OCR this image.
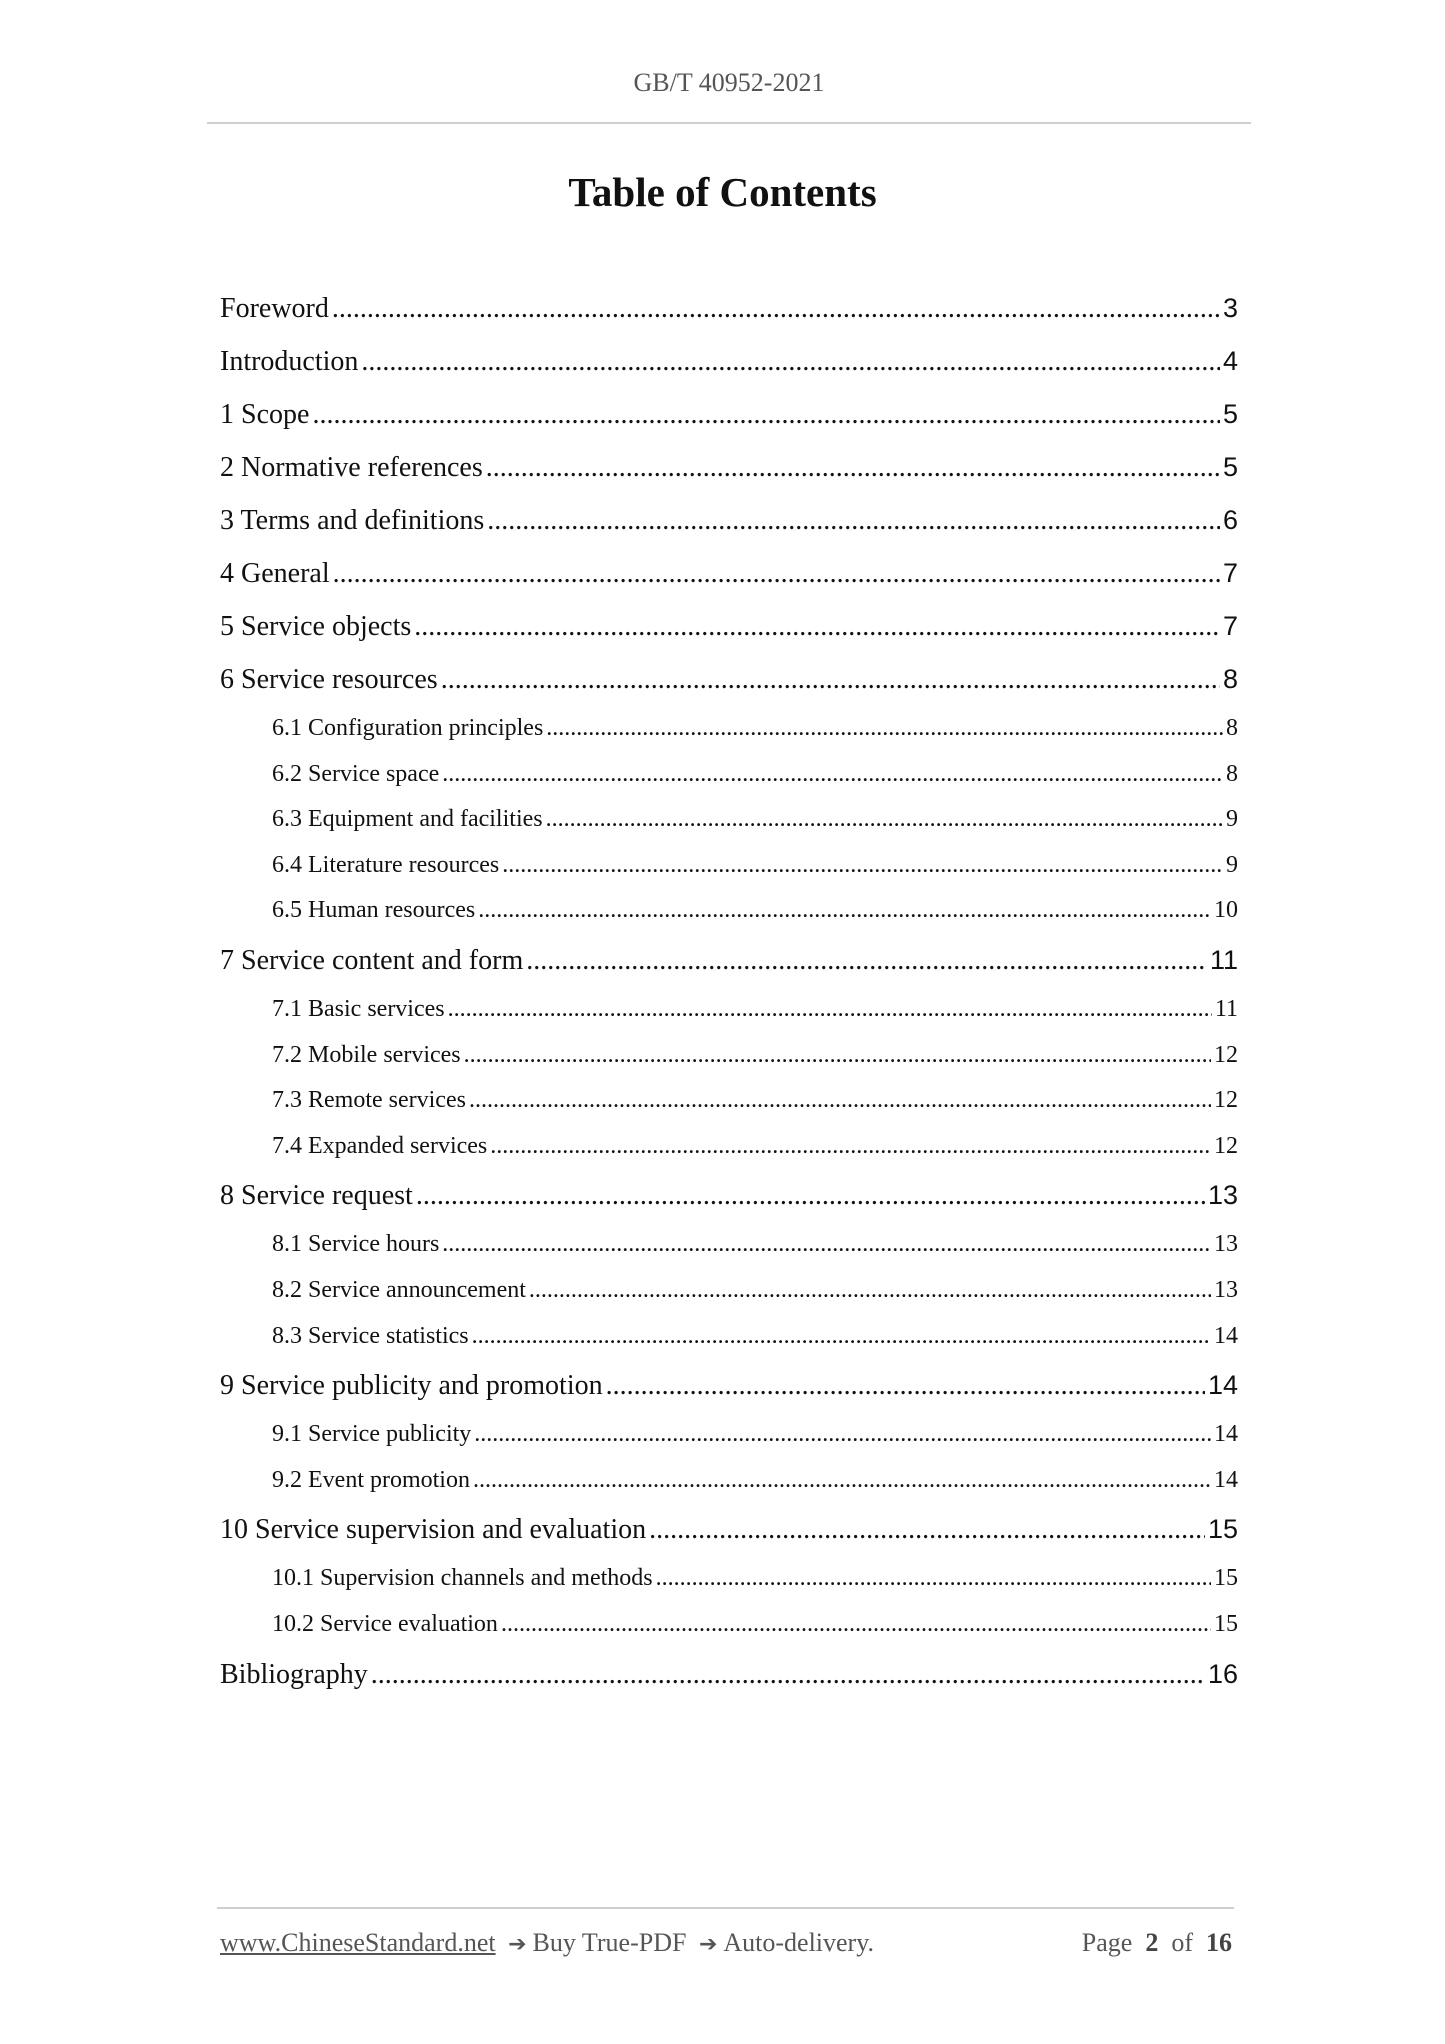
GB/T 40952-2021
Table of Contents
Foreword .....	3
Introduction .....	4
1 Scope .....	5
2 Normative references .....	5
3 Terms and definitions .....	6
4 General .....	7
5 Service objects .....	7
6 Service resources .....	8
6.1 Configuration principles .....	8
6.2 Service space .....	8
6.3 Equipment and facilities .....	9
6.4 Literature resources .....	9
6.5 Human resources .....	10
7 Service content and form .....	11
7.1 Basic services .....	11
7.2 Mobile services .....	12
7.3 Remote services .....	12
7.4 Expanded services .....	12
8 Service request .....	13
8.1 Service hours .....	13
8.2 Service announcement .....	13
8.3 Service statistics .....	14
9 Service publicity and promotion .....	14
9.1 Service publicity .....	14
9.2 Event promotion .....	14
10 Service supervision and evaluation .....	15
10.1 Supervision channels and methods .....	15
10.2 Service evaluation .....	15
Bibliography .....	16
www.ChineseStandard.net ➔ Buy True-PDF ➔ Auto-delivery.	Page 2 of 16
